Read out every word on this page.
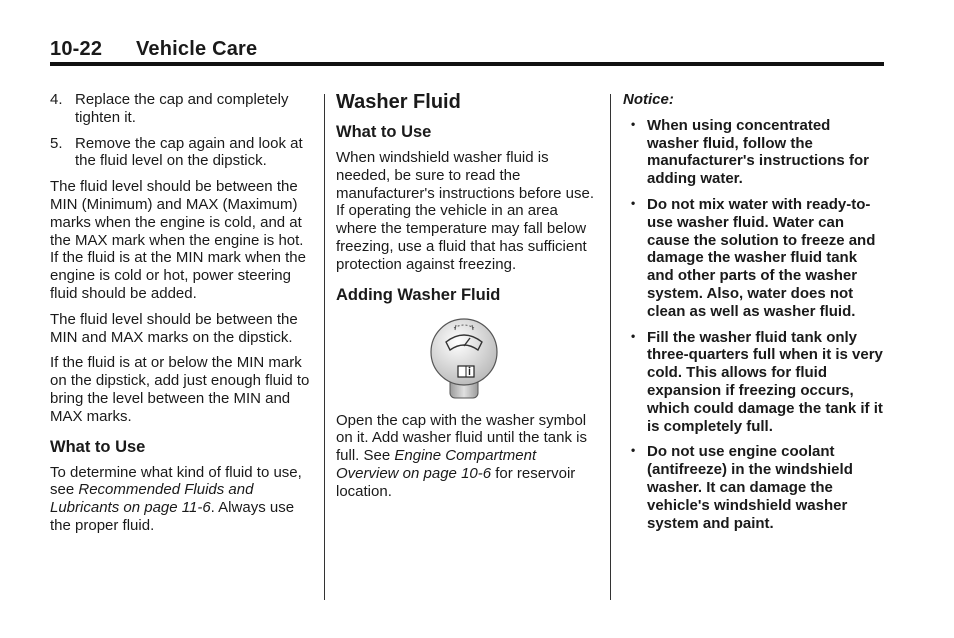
10-22 Vehicle Care
4. Replace the cap and completely tighten it.
5. Remove the cap again and look at the fluid level on the dipstick.

The fluid level should be between the MIN (Minimum) and MAX (Maximum) marks when the engine is cold, and at the MAX mark when the engine is hot. If the fluid is at the MIN mark when the engine is cold or hot, power steering fluid should be added.

The fluid level should be between the MIN and MAX marks on the dipstick.

If the fluid is at or below the MIN mark on the dipstick, add just enough fluid to bring the level between the MIN and MAX marks.

What to Use

To determine what kind of fluid to use, see Recommended Fluids and Lubricants on page 11-6. Always use the proper fluid.

Washer Fluid
What to Use

When windshield washer fluid is needed, be sure to read the manufacturer's instructions before use. If operating the vehicle in an area where the temperature may fall below freezing, use a fluid that has sufficient protection against freezing.

Adding Washer Fluid

Open the cap with the washer symbol on it. Add washer fluid until the tank is full. See Engine Compartment Overview on page 10-6 for reservoir location.

Notice:
• When using concentrated washer fluid, follow the manufacturer's instructions for adding water.
• Do not mix water with ready-to-use washer fluid. Water can cause the solution to freeze and damage the washer fluid tank and other parts of the washer system. Also, water does not clean as well as washer fluid.
• Fill the washer fluid tank only three-quarters full when it is very cold. This allows for fluid expansion if freezing occurs, which could damage the tank if it is completely full.
• Do not use engine coolant (antifreeze) in the windshield washer. It can damage the vehicle's windshield washer system and paint.
